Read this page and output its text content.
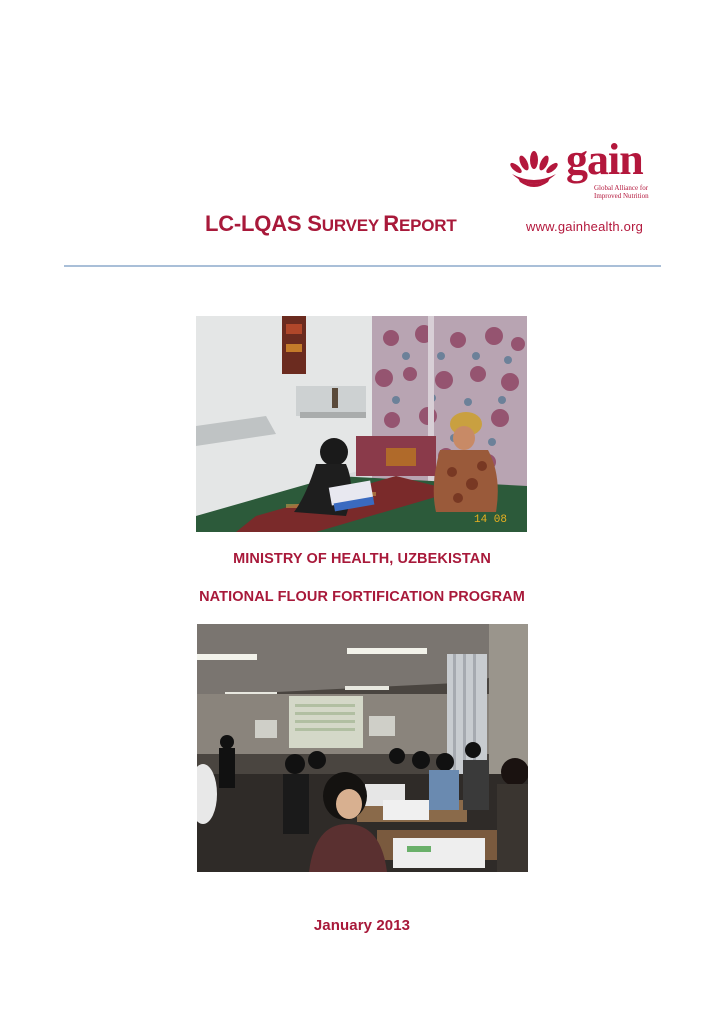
gain
Global Alliance for
Improved Nutrition
www.gainhealth.org
LC-LQAS SURVEY REPORT
14 08
MINISTRY OF HEALTH, UZBEKISTAN
NATIONAL FLOUR FORTIFICATION PROGRAM
January 2013
